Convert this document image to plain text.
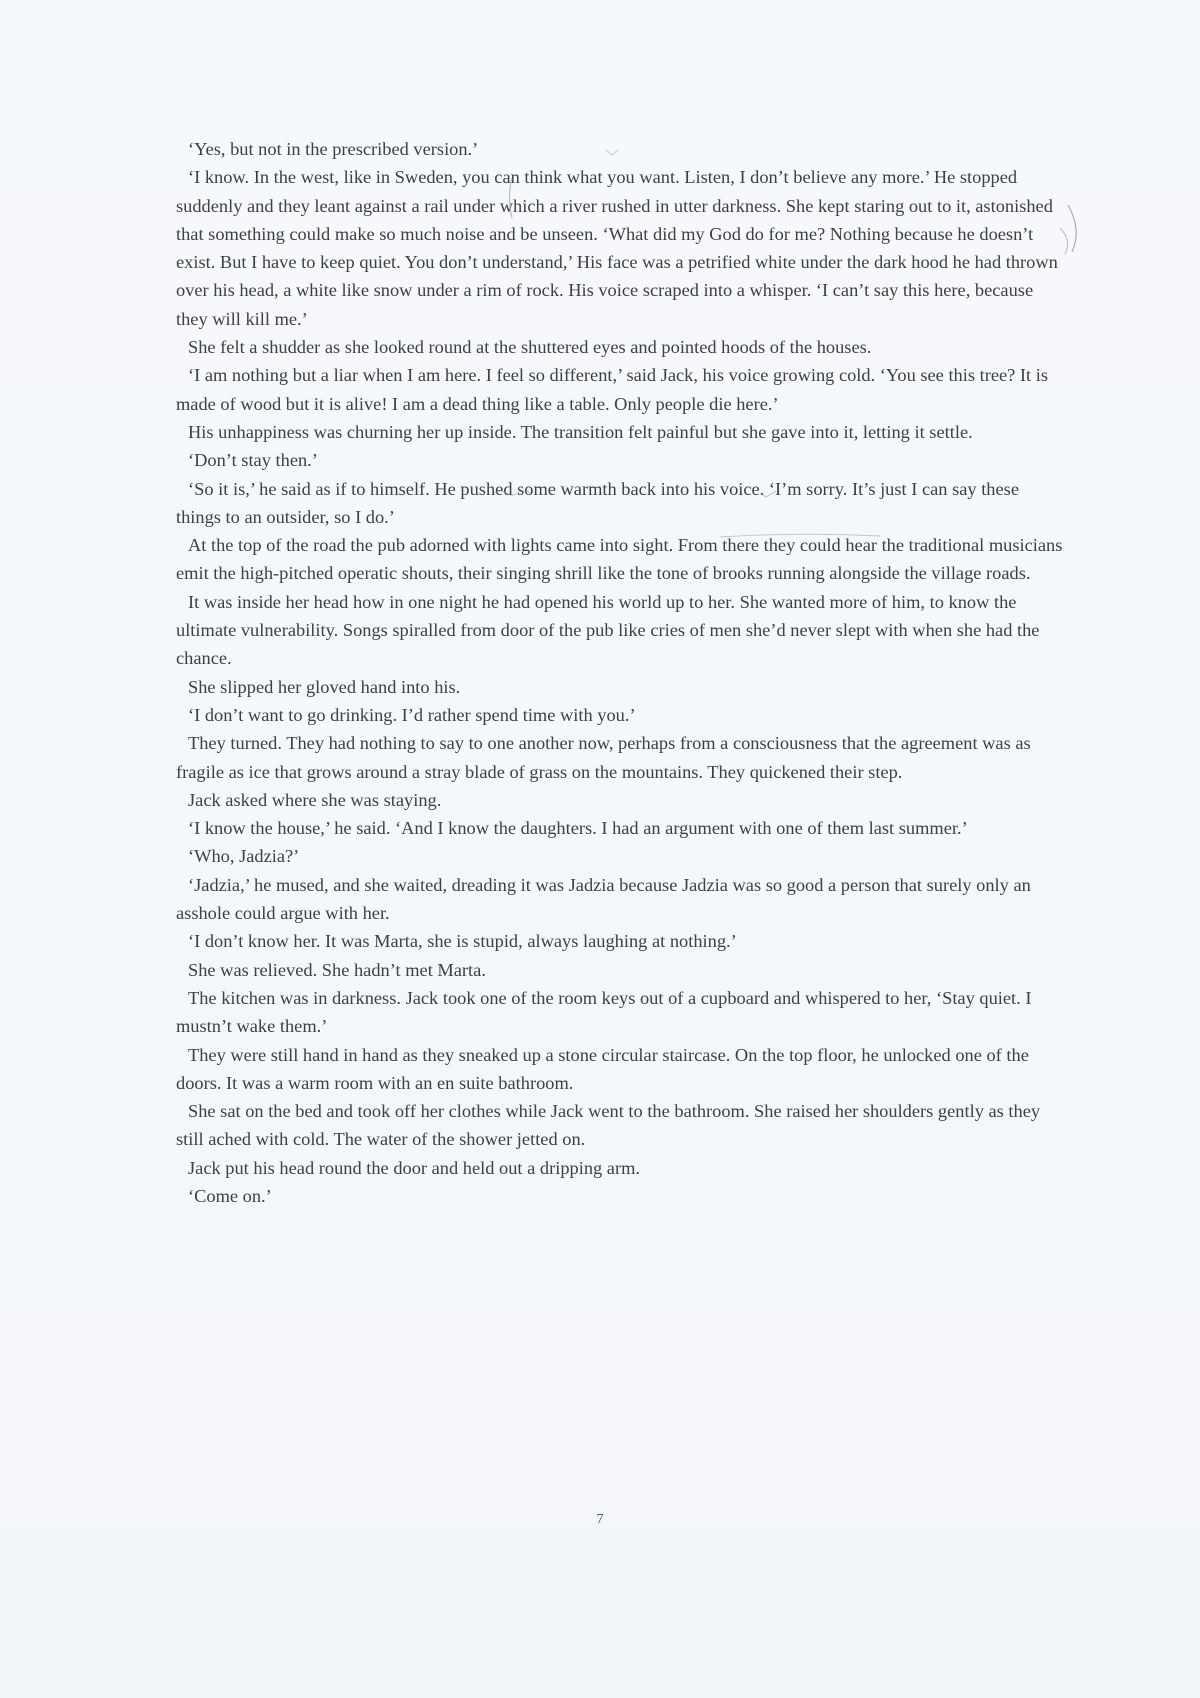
‘Yes, but not in the prescribed version.’

‘I know. In the west, like in Sweden, you can think what you want. Listen, I don’t believe any more.’ He stopped suddenly and they leant against a rail under which a river rushed in utter darkness. She kept staring out to it, astonished that something could make so much noise and be unseen. ‘What did my God do for me? Nothing because he doesn’t exist. But I have to keep quiet. You don’t understand,’ His face was a petrified white under the dark hood he had thrown over his head, a white like snow under a rim of rock. His voice scraped into a whisper. ‘I can’t say this here, because they will kill me.’

She felt a shudder as she looked round at the shuttered eyes and pointed hoods of the houses.

‘I am nothing but a liar when I am here. I feel so different,’ said Jack, his voice growing cold. ‘You see this tree? It is made of wood but it is alive! I am a dead thing like a table. Only people die here.’

His unhappiness was churning her up inside. The transition felt painful but she gave into it, letting it settle.

‘Don’t stay then.’

‘So it is,’ he said as if to himself. He pushed some warmth back into his voice. ‘I’m sorry. It’s just I can say these things to an outsider, so I do.’

At the top of the road the pub adorned with lights came into sight. From there they could hear the traditional musicians emit the high-pitched operatic shouts, their singing shrill like the tone of brooks running alongside the village roads.

It was inside her head how in one night he had opened his world up to her. She wanted more of him, to know the ultimate vulnerability. Songs spiralled from door of the pub like cries of men she’d never slept with when she had the chance.

She slipped her gloved hand into his.

‘I don’t want to go drinking. I’d rather spend time with you.’

They turned. They had nothing to say to one another now, perhaps from a consciousness that the agreement was as fragile as ice that grows around a stray blade of grass on the mountains. They quickened their step.

Jack asked where she was staying.

‘I know the house,’ he said. ‘And I know the daughters. I had an argument with one of them last summer.’

‘Who, Jadzia?’

‘Jadzia,’ he mused, and she waited, dreading it was Jadzia because Jadzia was so good a person that surely only an asshole could argue with her.

‘I don’t know her. It was Marta, she is stupid, always laughing at nothing.’

She was relieved. She hadn’t met Marta.

The kitchen was in darkness. Jack took one of the room keys out of a cupboard and whispered to her, ‘Stay quiet. I mustn’t wake them.’

They were still hand in hand as they sneaked up a stone circular staircase. On the top floor, he unlocked one of the doors. It was a warm room with an en suite bathroom.

She sat on the bed and took off her clothes while Jack went to the bathroom. She raised her shoulders gently as they still ached with cold. The water of the shower jetted on.

Jack put his head round the door and held out a dripping arm.

‘Come on.’

7
